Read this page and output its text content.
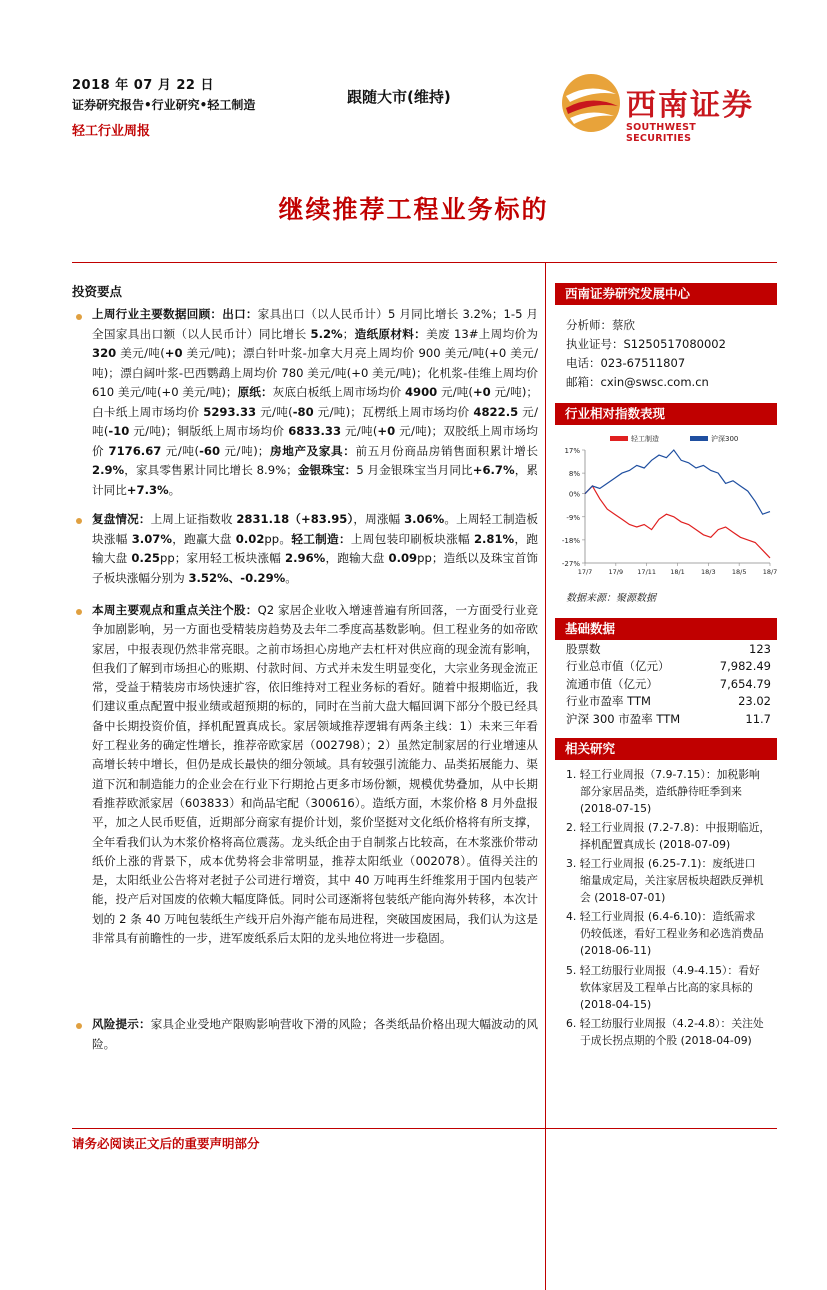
2018 年 07 月 22 日
证券研究报告•行业研究•轻工制造
轻工行业周报
跟随大市(维持)	西南证券
SOUTHWEST SECURITIES
继续推荐工程业务标的
投资要点
上周行业主要数据回顾：出口：家具出口（以人民币计）5 月同比增长 3.2%；1-5 月全国家具出口额（以人民币计）同比增长 5.2%；造纸原材料：美废 13#上周均价为 320 美元/吨(+0 美元/吨)；漂白针叶浆-加拿大月亮上周均价 900 美元/吨(+0 美元/吨)；漂白阔叶浆-巴西鹦鹉上周均价 780 美元/吨(+0 美元/吨)；化机浆-佳维上周均价 610 美元/吨(+0 美元/吨)；原纸：灰底白板纸上周市场均价 4900 元/吨(+0 元/吨)；白卡纸上周市场均价 5293.33 元/吨(-80 元/吨)；瓦楞纸上周市场均价 4822.5 元/吨(-10 元/吨)；铜版纸上周市场均价 6833.33 元/吨(+0 元/吨)；双胶纸上周市场均价 7176.67 元/吨(-60 元/吨)；房地产及家具：前五月份商品房销售面积累计增长 2.9%，家具零售累计同比增长 8.9%；金银珠宝：5 月金银珠宝当月同比+6.7%，累计同比+7.3%。
复盘情况：上周上证指数收 2831.18（+83.95），周涨幅 3.06%。上周轻工制造板块涨幅 3.07%，跑赢大盘 0.02pp。轻工制造：上周包装印刷板块涨幅 2.81%，跑输大盘 0.25pp；家用轻工板块涨幅 2.96%，跑输大盘 0.09pp；造纸以及珠宝首饰子板块涨幅分别为 3.52%、-0.29%。
本周主要观点和重点关注个股：Q2 家居企业收入增速普遍有所回落，一方面受行业竞争加剧影响，另一方面也受精装房趋势及去年二季度高基数影响。但工程业务的如帝欧家居，中报表现仍然非常亮眼。之前市场担心房地产去杠杆对供应商的现金流有影响，但我们了解到市场担心的账期、付款时间、方式并未发生明显变化，大宗业务现金流正常，受益于精装房市场快速扩容，依旧维持对工程业务标的看好。随着中报期临近，我们建议重点配置中报业绩或超预期的标的，同时在当前大盘大幅回调下部分个股已经具备中长期投资价值，择机配置真成长。家居领域推荐逻辑有两条主线：1）未来三年看好工程业务的确定性增长，推荐帝欧家居（002798）；2）虽然定制家居的行业增速从高增长转中增长，但仍是成长最快的细分领域。具有较强引流能力、品类拓展能力、渠道下沉和制造能力的企业会在行业下行期抢占更多市场份额，规模优势叠加，从中长期看推荐欧派家居（603833）和尚品宅配（300616）。造纸方面，木浆价格 8 月外盘报平，加之人民币贬值，近期部分商家有提价计划，浆价坚挺对文化纸价格将有所支撑，全年看我们认为木浆价格将高位震荡。龙头纸企由于自制浆占比较高，在木浆涨价带动纸价上涨的背景下，成本优势将会非常明显，推荐太阳纸业（002078）。值得关注的是，太阳纸业公告将对老挝子公司进行增资，其中 40 万吨再生纤维浆用于国内包装产能，投产后对国废的依赖大幅度降低。同时公司逐渐将包装纸产能向海外转移，本次计划的 2 条 40 万吨包装纸生产线开启外海产能布局进程，突破国废困局，我们认为这是非常具有前瞻性的一步，进军废纸系后太阳的龙头地位将进一步稳固。
风险提示：家具企业受地产限购影响营收下滑的风险；各类纸品价格出现大幅波动的风险。
西南证券研究发展中心
分析师：蔡欣
执业证号：S1250517080002
电话：023-67511807
邮箱：cxin@swsc.com.cn
行业相对指数表现
17%
8%
0%
-9%
-18%
-27%
17/7 17/9 17/11 18/1 18/3 18/5 18/7
轻工制造	沪深300
数据来源：聚源数据
基础数据
股票数	123
行业总市值（亿元）	7,982.49
流通市值（亿元）	7,654.79
行业市盈率 TTM	23.02
沪深 300 市盈率 TTM	11.7
相关研究
1. 轻工行业周报（7.9-7.15）：加税影响
部分家居品类，造纸静待旺季到来
(2018-07-15)
2. 轻工行业周报 (7.2-7.8)：中报期临近，
择机配置真成长 (2018-07-09)
3. 轻工行业周报 (6.25-7.1)：废纸进口
缩量成定局，关注家居板块超跌反弹机
会 (2018-07-01)
4. 轻工行业周报 (6.4-6.10)：造纸需求
仍较低迷，看好工程业务和必选消费品
(2018-06-11)
5. 轻工纺服行业周报（4.9-4.15）：看好
软体家居及工程单占比高的家具标的
(2018-04-15)
6. 轻工纺服行业周报（4.2-4.8）：关注处
于成长拐点期的个股 (2018-04-09)
请务必阅读正文后的重要声明部分
